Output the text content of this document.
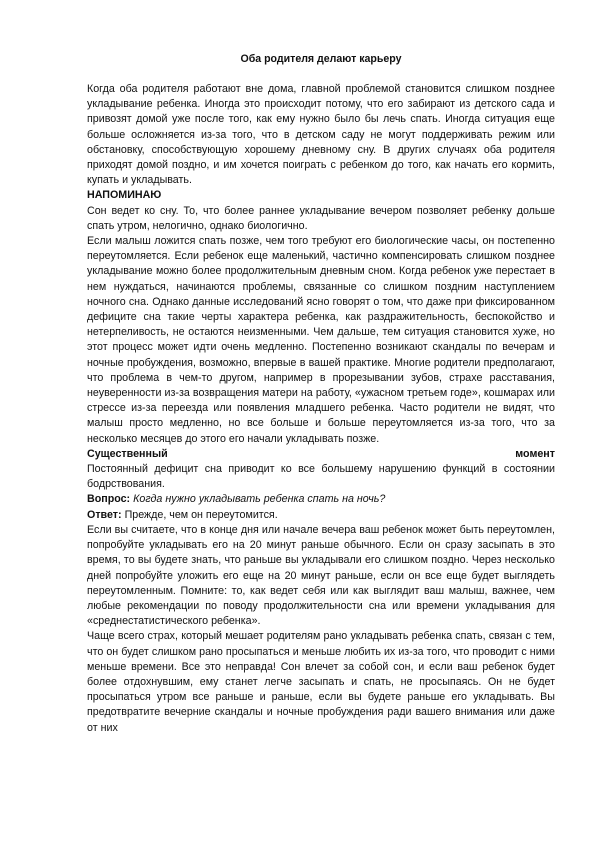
Оба родителя делают карьеру

Когда оба родителя работают вне дома, главной проблемой становится слишком позднее укладывание ребенка. Иногда это происходит потому, что его забирают из детского сада и привозят домой уже после того, как ему нужно было бы лечь спать. Иногда ситуация еще больше осложняется из-за того, что в детском саду не могут поддерживать режим или обстановку, способствующую хорошему дневному сну. В других случаях оба родителя приходят домой поздно, и им хочется поиграть с ребенком до того, как начать его кормить, купать и укладывать.

НАПОМИНАЮ

Сон ведет ко сну. То, что более раннее укладывание вечером позволяет ребенку дольше спать утром, нелогично, однако биологично.

Если малыш ложится спать позже, чем того требуют его биологические часы, он постепенно переутомляется. Если ребенок еще маленький, частично компенсировать слишком позднее укладывание можно более продолжительным дневным сном. Когда ребенок уже перестает в нем нуждаться, начинаются проблемы, связанные со слишком поздним наступлением ночного сна. Однако данные исследований ясно говорят о том, что даже при фиксированном дефиците сна такие черты характера ребенка, как раздражительность, беспокойство и нетерпеливость, не остаются неизменными. Чем дальше, тем ситуация становится хуже, но этот процесс может идти очень медленно. Постепенно возникают скандалы по вечерам и ночные пробуждения, возможно, впервые в вашей практике. Многие родители предполагают, что проблема в чем-то другом, например в прорезывании зубов, страхе расставания, неуверенности из-за возвращения матери на работу, «ужасном третьем годе», кошмарах или стрессе из-за переезда или появления младшего ребенка. Часто родители не видят, что малыш просто медленно, но все больше и больше переутомляется из-за того, что за несколько месяцев до этого его начали укладывать позже.

Существенный	момент

Постоянный дефицит сна приводит ко все большему нарушению функций в состоянии бодрствования.

Вопрос: Когда нужно укладывать ребенка спать на ночь?

Ответ: Прежде, чем он переутомится.

Если вы считаете, что в конце дня или начале вечера ваш ребенок может быть переутомлен, попробуйте укладывать его на 20 минут раньше обычного. Если он сразу засыпать в это время, то вы будете знать, что раньше вы укладывали его слишком поздно. Через несколько дней попробуйте уложить его еще на 20 минут раньше, если он все еще будет выглядеть переутомленным. Помните: то, как ведет себя или как выглядит ваш малыш, важнее, чем любые рекомендации по поводу продолжительности сна или времени укладывания для «среднестатистического ребенка».

Чаще всего страх, который мешает родителям рано укладывать ребенка спать, связан с тем, что он будет слишком рано просыпаться и меньше любить их из-за того, что проводит с ними меньше времени. Все это неправда! Сон влечет за собой сон, и если ваш ребенок будет более отдохнувшим, ему станет легче засыпать и спать, не просыпаясь. Он не будет просыпаться утром все раньше и раньше, если вы будете раньше его укладывать. Вы предотвратите вечерние скандалы и ночные пробуждения ради вашего внимания или даже от них
